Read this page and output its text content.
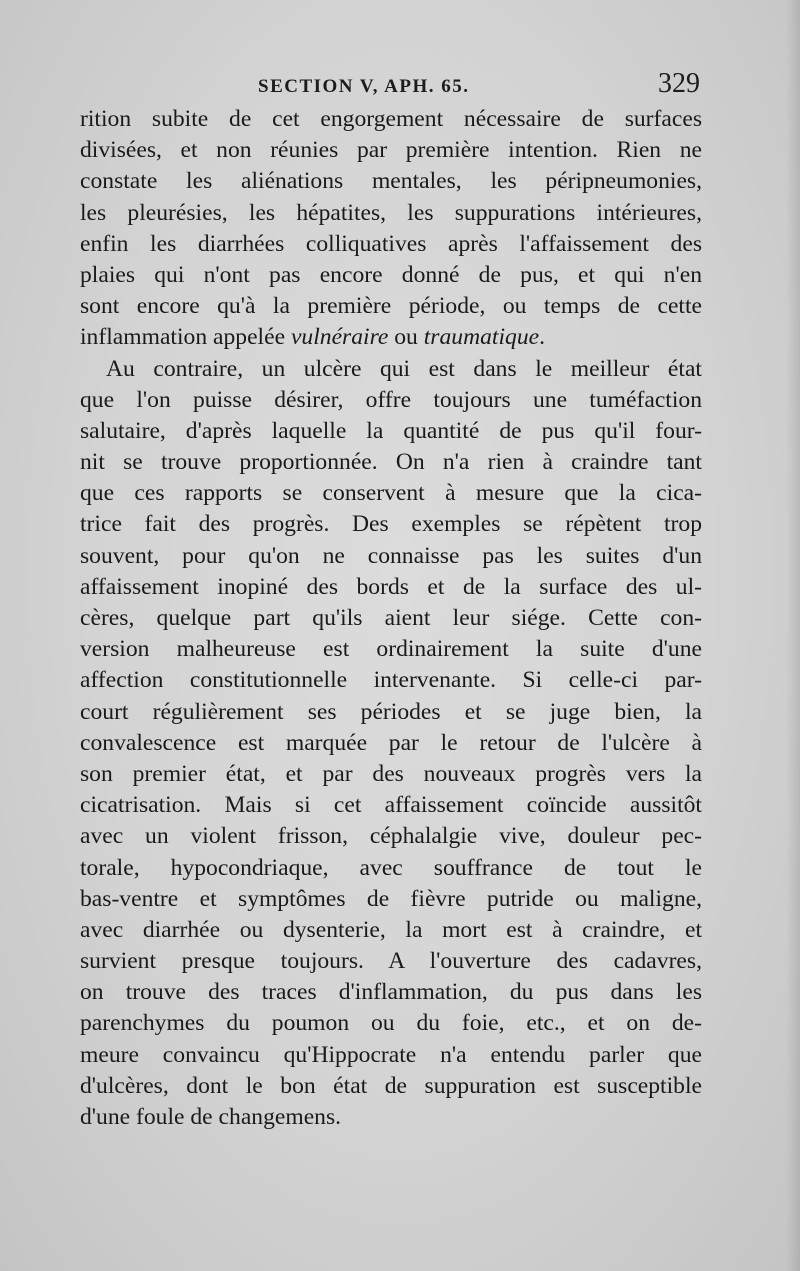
SECTION V, APH. 65.	329
rition subite de cet engorgement nécessaire de surfaces
divisées, et non réunies par première intention. Rien ne
constate les aliénations mentales, les péripneumonies,
les pleurésies, les hépatites, les suppurations intérieures,
enfin les diarrhées colliquatives après l'affaissement des
plaies qui n'ont pas encore donné de pus, et qui n'en
sont encore qu'à la première période, ou temps de cette
inflammation appelée vulnéraire ou traumatique.
Au contraire, un ulcère qui est dans le meilleur état
que l'on puisse désirer, offre toujours une tuméfaction
salutaire, d'après laquelle la quantité de pus qu'il four-
nit se trouve proportionnée. On n'a rien à craindre tant
que ces rapports se conservent à mesure que la cica-
trice fait des progrès. Des exemples se répètent trop
souvent, pour qu'on ne connaisse pas les suites d'un
affaissement inopiné des bords et de la surface des ul-
cères, quelque part qu'ils aient leur siége. Cette con-
version malheureuse est ordinairement la suite d'une
affection constitutionnelle intervenante. Si celle-ci par-
court régulièrement ses périodes et se juge bien, la
convalescence est marquée par le retour de l'ulcère à
son premier état, et par des nouveaux progrès vers la
cicatrisation. Mais si cet affaissement coïncide aussitôt
avec un violent frisson, céphalalgie vive, douleur pec-
torale, hypocondriaque, avec souffrance de tout le
bas-ventre et symptômes de fièvre putride ou maligne,
avec diarrhée ou dysenterie, la mort est à craindre, et
survient presque toujours. A l'ouverture des cadavres,
on trouve des traces d'inflammation, du pus dans les
parenchymes du poumon ou du foie, etc., et on de-
meure convaincu qu'Hippocrate n'a entendu parler que
d'ulcères, dont le bon état de suppuration est susceptible
d'une foule de changemens.
